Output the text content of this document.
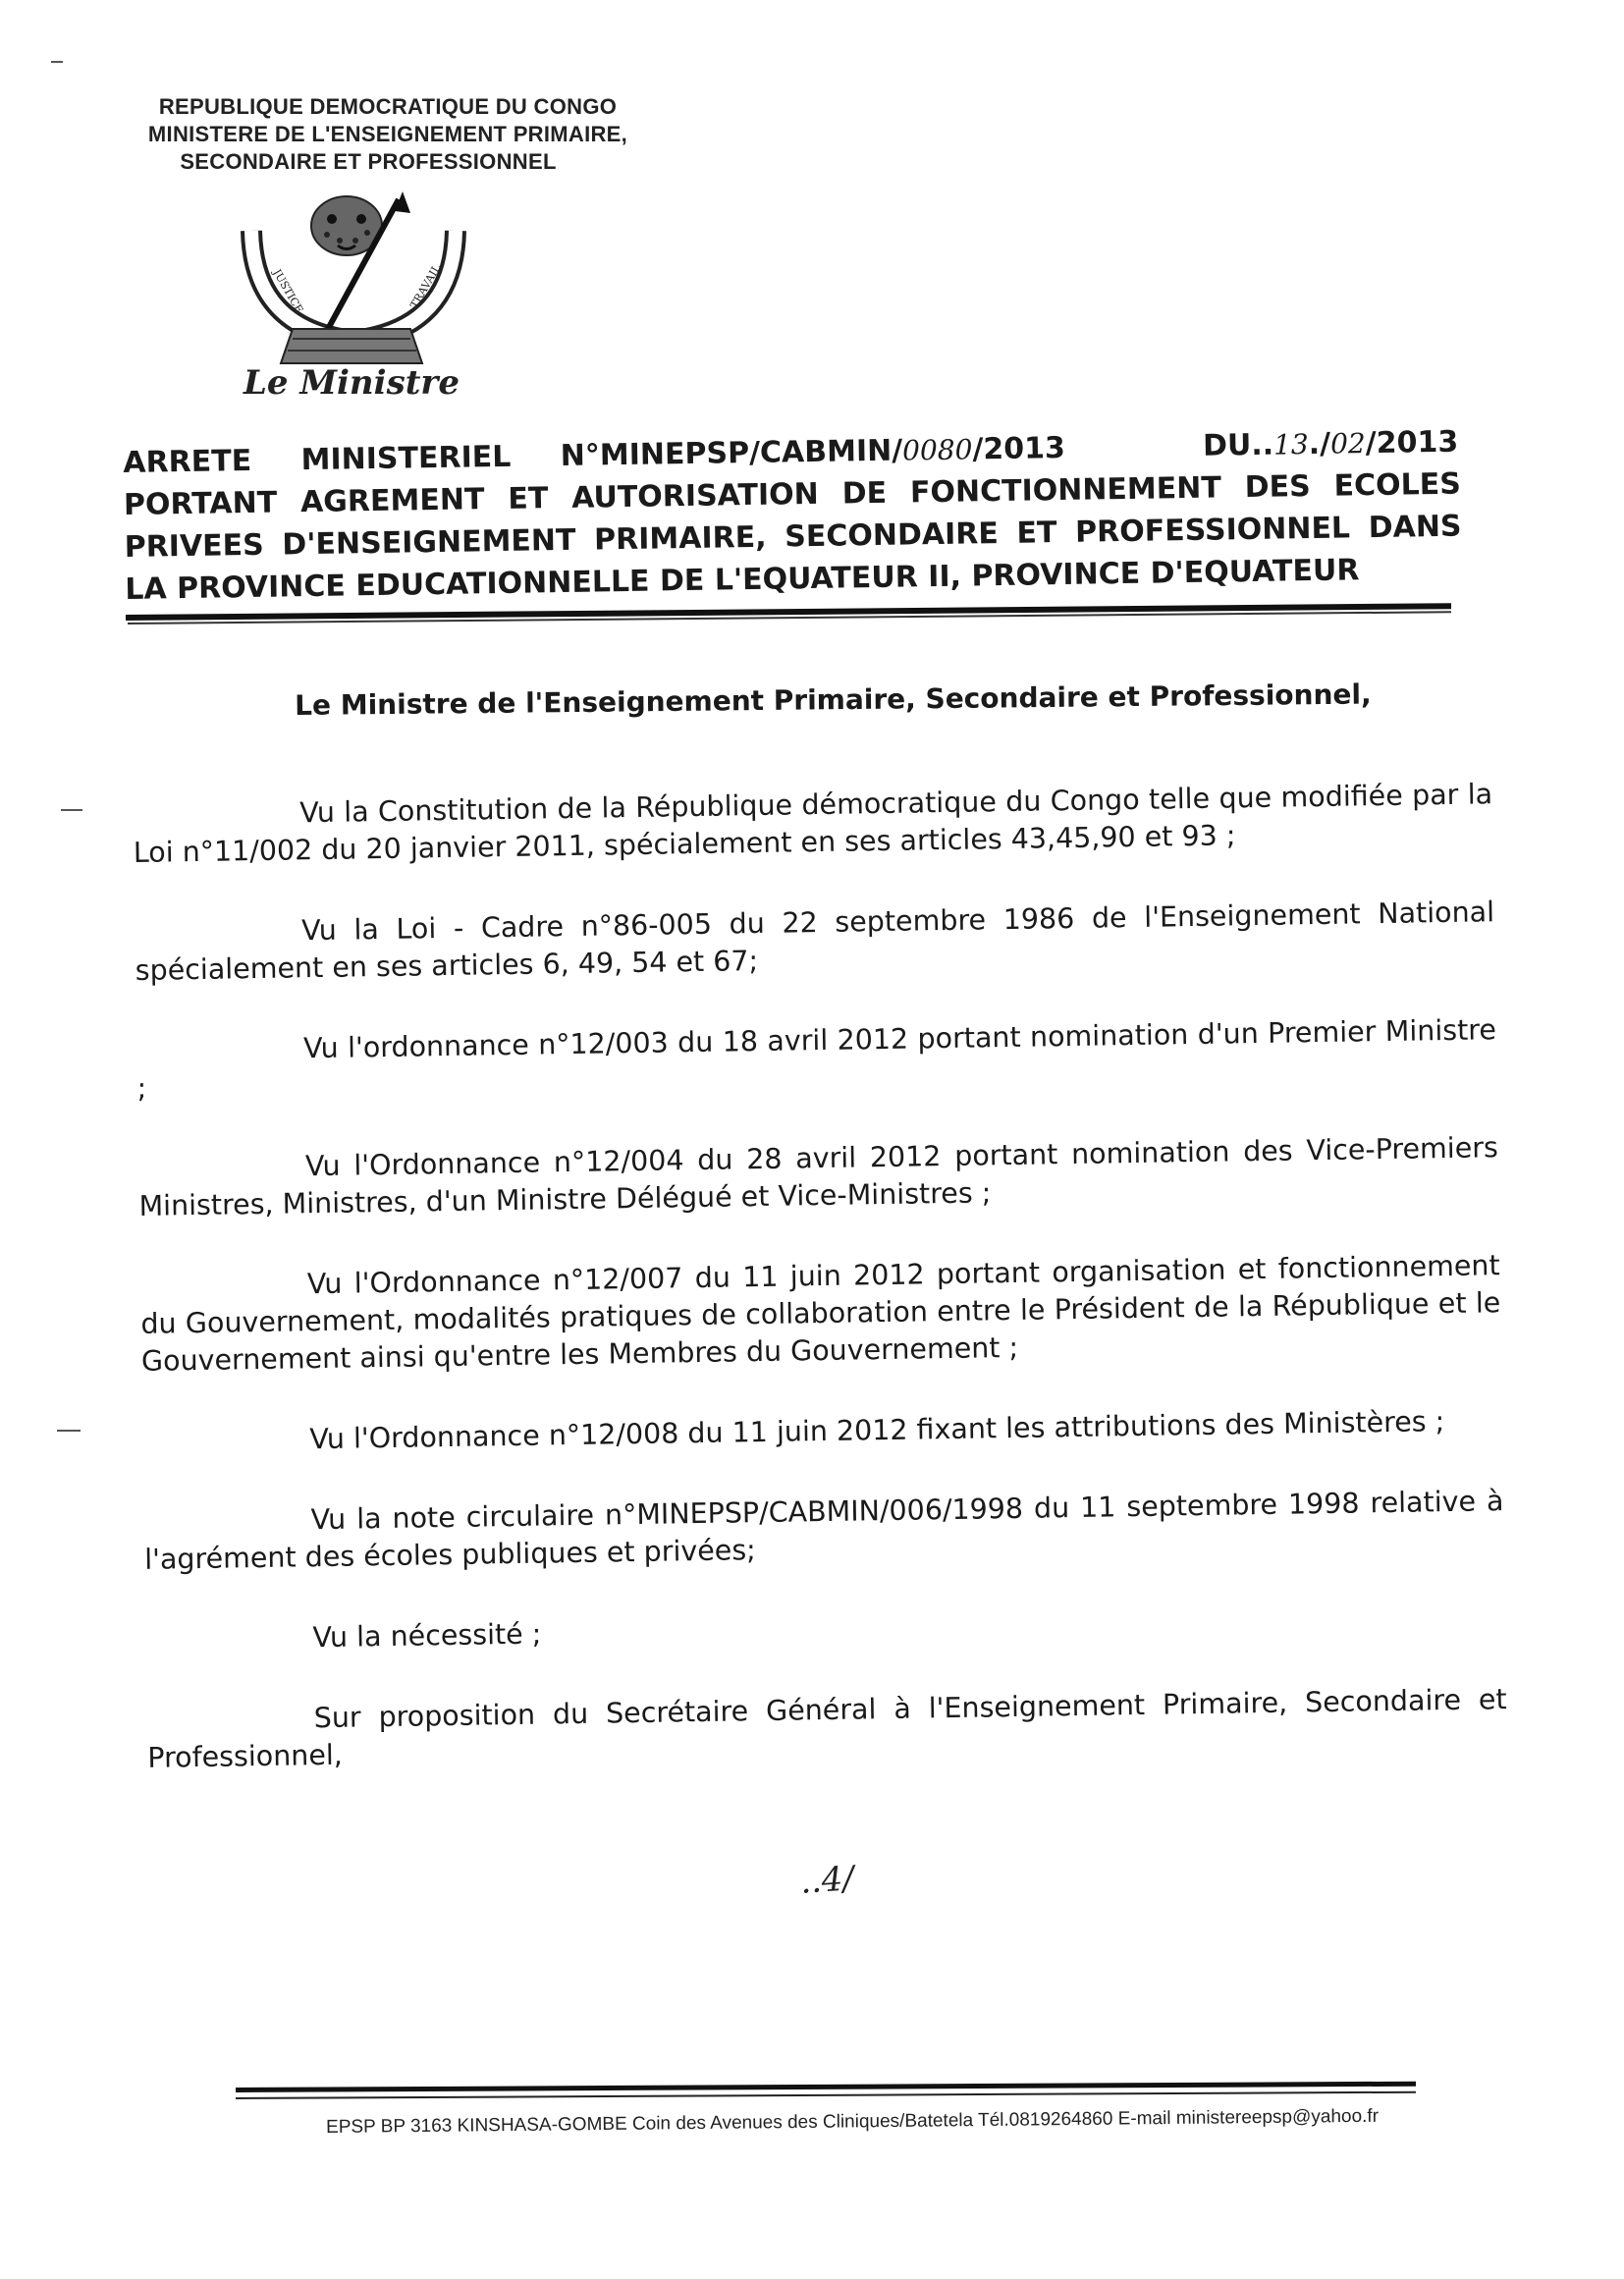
REPUBLIQUE DEMOCRATIQUE DU CONGO
MINISTERE DE L'ENSEIGNEMENT PRIMAIRE,
SECONDAIRE ET PROFESSIONNEL
JUSTICE	TRAVAIL
Le Ministre
ARRETE MINISTERIEL N°MINEPSP/CABMIN/0080/2013	DU..13./02/2013
PORTANT AGREMENT ET AUTORISATION DE FONCTIONNEMENT DES ECOLES
PRIVEES D'ENSEIGNEMENT PRIMAIRE, SECONDAIRE ET PROFESSIONNEL DANS
LA PROVINCE EDUCATIONNELLE DE L'EQUATEUR II, PROVINCE D'EQUATEUR
Le Ministre de l'Enseignement Primaire, Secondaire et Professionnel,

Vu la Constitution de la République démocratique du Congo telle que modifiée par la Loi n°11/002 du 20 janvier 2011, spécialement en ses articles 43,45,90 et 93 ;

Vu la Loi - Cadre n°86-005 du 22 septembre 1986 de l'Enseignement National spécialement en ses articles 6, 49, 54 et 67;

Vu l'ordonnance n°12/003 du 18 avril 2012 portant nomination d'un Premier Ministre ;

Vu l'Ordonnance n°12/004 du 28 avril 2012 portant nomination des Vice-Premiers Ministres, Ministres, d'un Ministre Délégué et Vice-Ministres ;

Vu l'Ordonnance n°12/007 du 11 juin 2012 portant organisation et fonctionnement du Gouvernement, modalités pratiques de collaboration entre le Président de la République et le Gouvernement ainsi qu'entre les Membres du Gouvernement ;

Vu l'Ordonnance n°12/008 du 11 juin 2012 fixant les attributions des Ministères ;

Vu la note circulaire n°MINEPSP/CABMIN/006/1998 du 11 septembre 1998 relative à l'agrément des écoles publiques et privées;

Vu la nécessité ;

Sur proposition du Secrétaire Général à l'Enseignement Primaire, Secondaire et Professionnel,

..4/
EPSP BP 3163 KINSHASA-GOMBE Coin des Avenues des Cliniques/Batetela Tél.0819264860 E-mail ministereepsp@yahoo.fr
